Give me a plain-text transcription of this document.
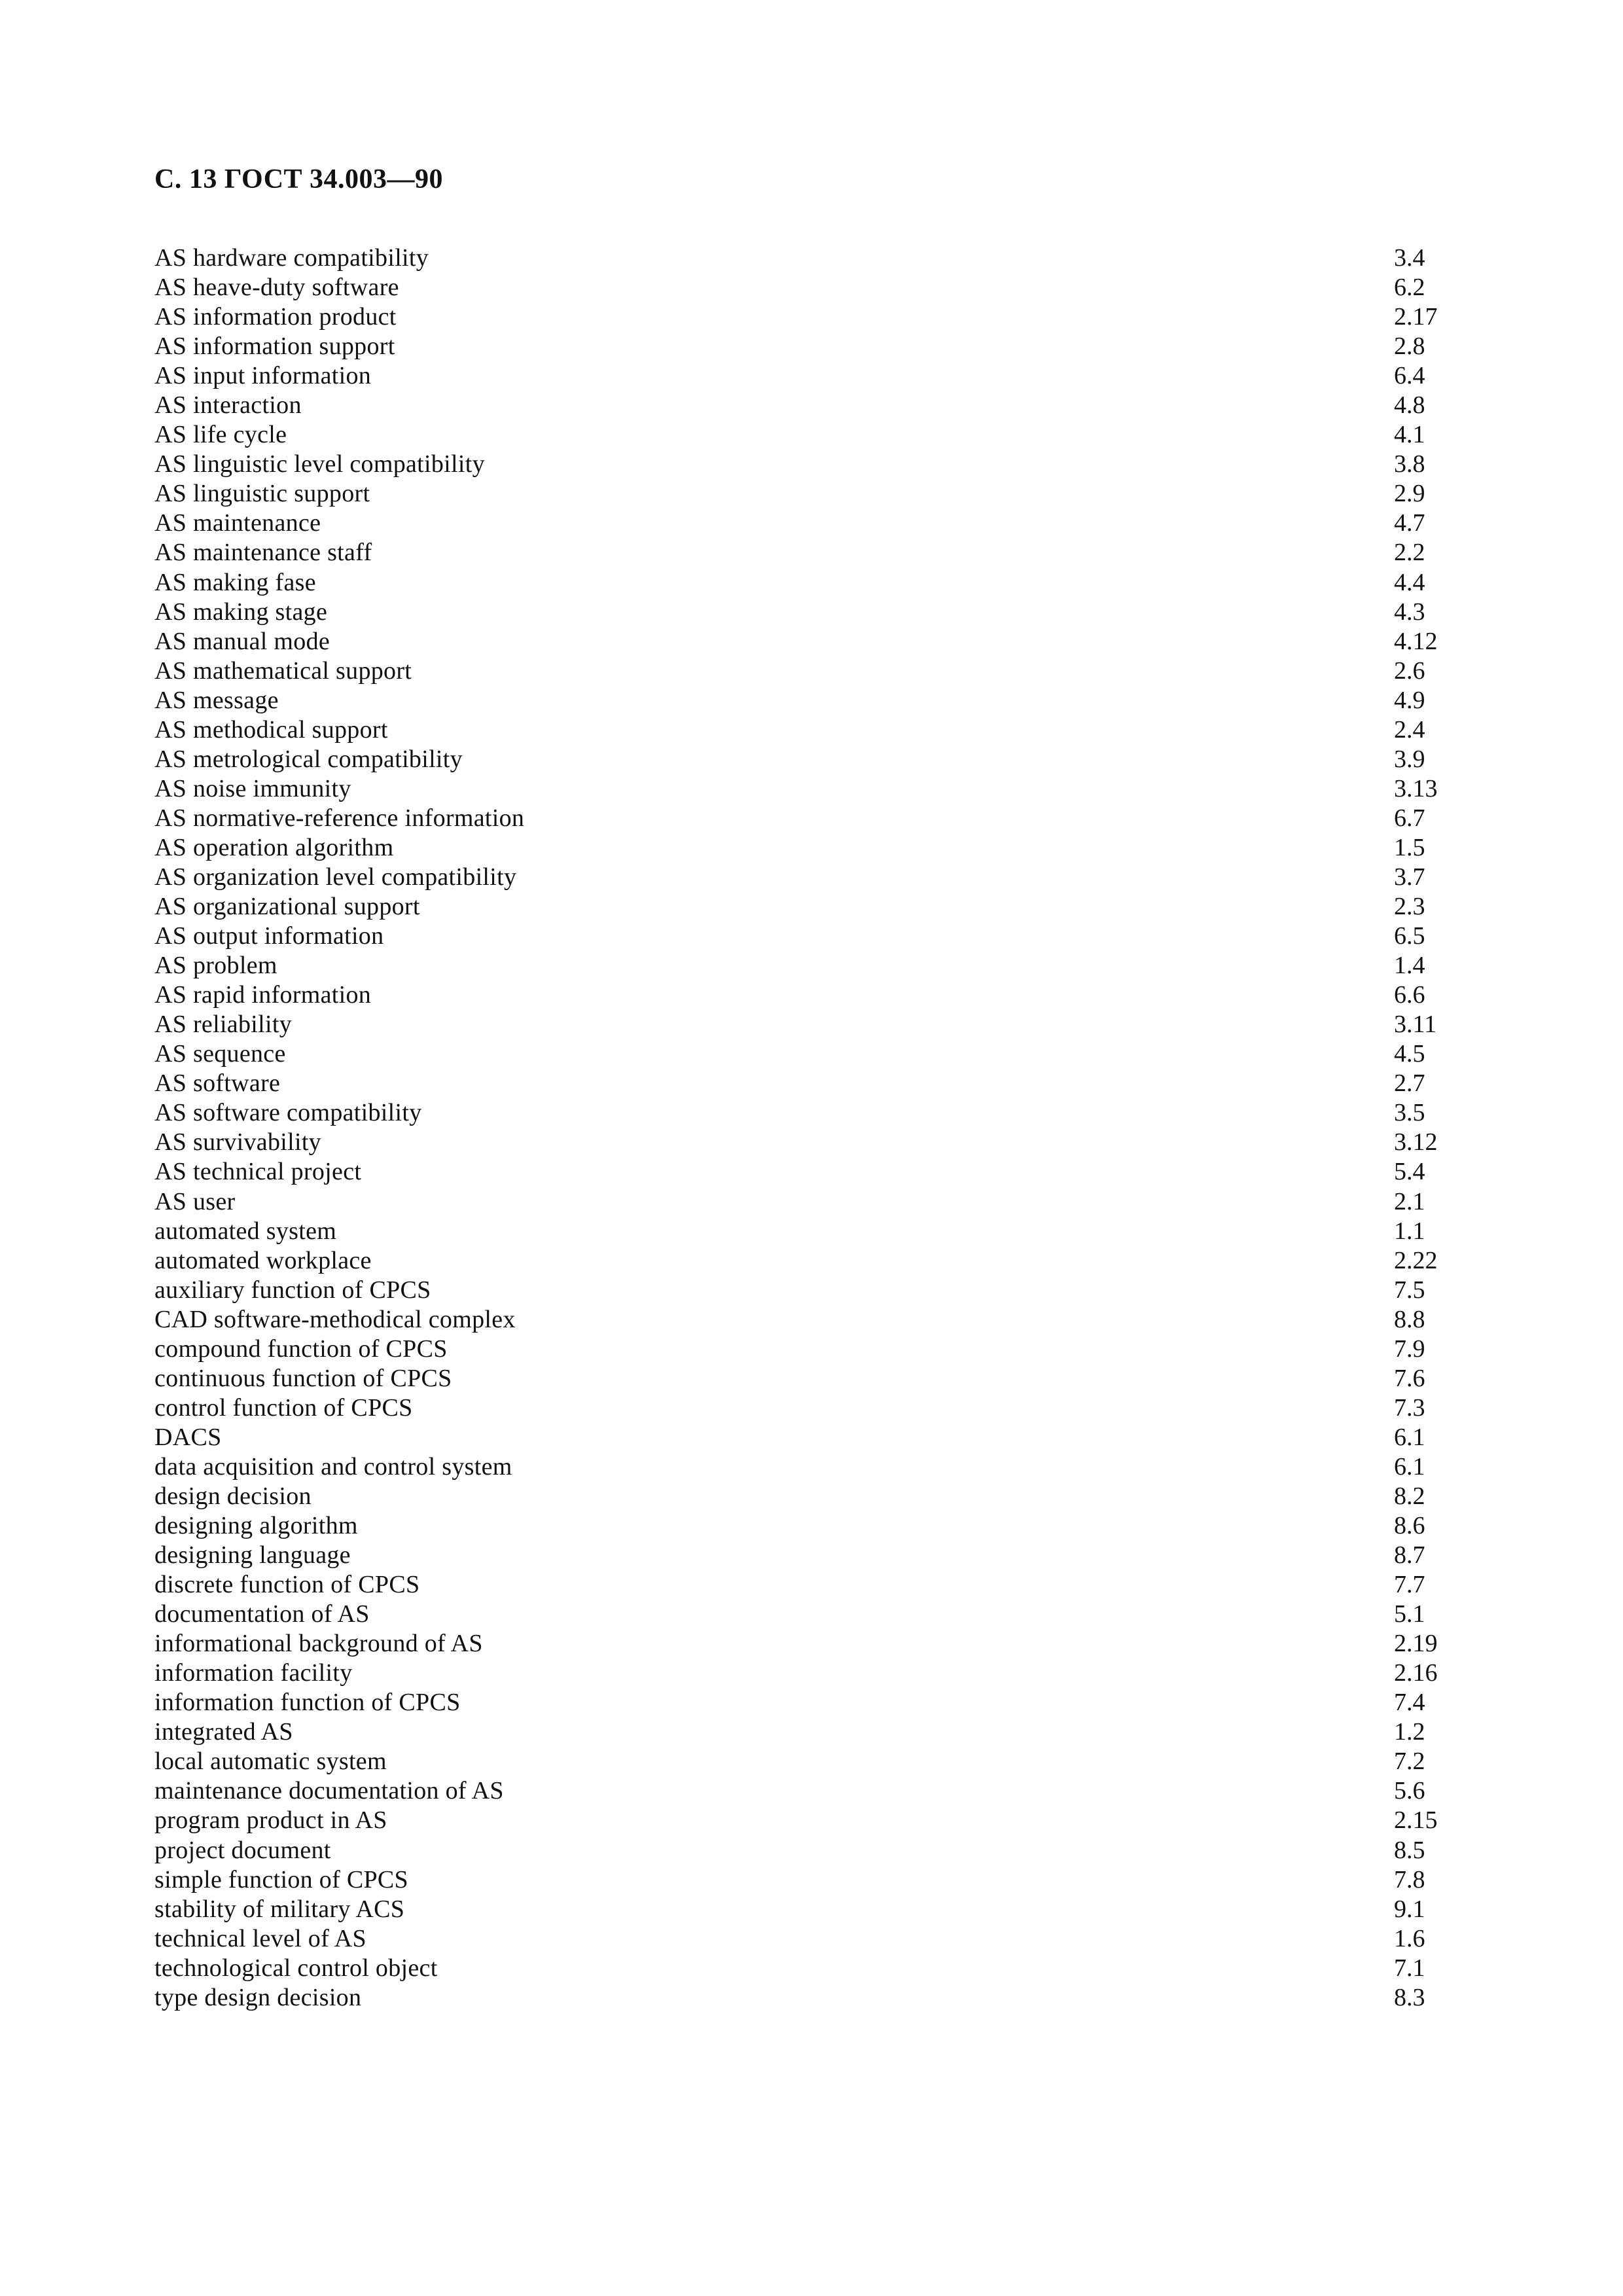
С. 13 ГОСТ 34.003—90
AS hardware compatibility	3.4
AS heave-duty software	6.2
AS information product	2.17
AS information support	2.8
AS input information	6.4
AS interaction	4.8
AS life cycle	4.1
AS linguistic level compatibility	3.8
AS linguistic support	2.9
AS maintenance	4.7
AS maintenance staff	2.2
AS making fase	4.4
AS making stage	4.3
AS manual mode	4.12
AS mathematical support	2.6
AS message	4.9
AS methodical support	2.4
AS metrological compatibility	3.9
AS noise immunity	3.13
AS normative-reference information	6.7
AS operation algorithm	1.5
AS organization level compatibility	3.7
AS organizational support	2.3
AS output information	6.5
AS problem	1.4
AS rapid information	6.6
AS reliability	3.11
AS sequence	4.5
AS software	2.7
AS software compatibility	3.5
AS survivability	3.12
AS technical project	5.4
AS user	2.1
automated system	1.1
automated workplace	2.22
auxiliary function of CPCS	7.5
CAD software-methodical complex	8.8
compound function of CPCS	7.9
continuous function of CPCS	7.6
control function of CPCS	7.3
DACS	6.1
data acquisition and control system	6.1
design decision	8.2
designing algorithm	8.6
designing language	8.7
discrete function of CPCS	7.7
documentation of AS	5.1
informational background of AS	2.19
information facility	2.16
information function of CPCS	7.4
integrated AS	1.2
local automatic system	7.2
maintenance documentation of AS	5.6
program product in AS	2.15
project document	8.5
simple function of CPCS	7.8
stability of military ACS	9.1
technical level of AS	1.6
technological control object	7.1
type design decision	8.3
